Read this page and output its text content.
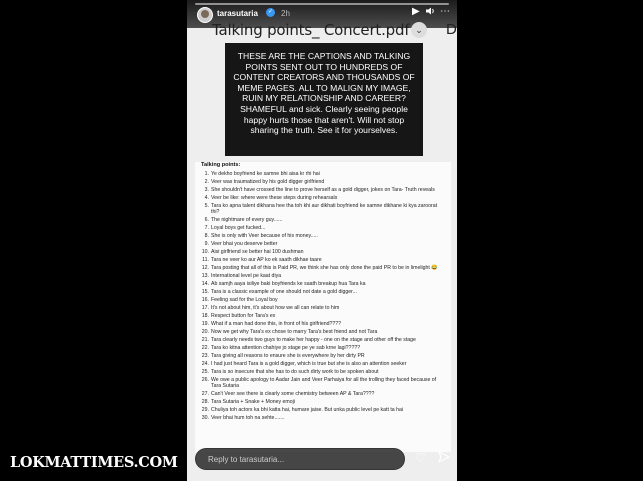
tarasutaria	✓ 2h	▶ ⋯
Talking points_ Concert.pdf ⌄ D

THESE ARE THE CAPTIONS AND TALKING POINTS SENT OUT TO HUNDREDS OF CONTENT CREATORS AND THOUSANDS OF MEME PAGES. ALL TO MALIGN MY IMAGE, RUIN MY RELATIONSHIP AND CAREER?

SHAMEFUL and sick. Clearly seeing people happy hurts those that aren't. Will not stop sharing the truth. See it for yourselves.

Talking points:
1. Ye dekho boyfriend ke samne bhi aisa kr rhi hai
2. Veer was traumatized by his gold digger girlfriend
3. She shouldn't have crossed the line to prove herself as a gold digger, jokes on Tara- Truth reveals
4. Veer be like: where were these steps during rehearsals
5. Tara ko apna talent dikhana hee tha toh khi aur dikhati boyfriend ke samne dikhane ki kya zaroorat thi?
6. The nightmare of every guy......
7. Loyal boys get fucked...
8. She is only with Veer because of his money.....
9. Veer bhai you deserve better
10. Aisi girlfriend se better hai 100 dushman
11. Tara ne veer ko aur AP ko ek saath dikhae taare
12. Tara posting that all of this is Paid PR, we think she has only done the paid PR to be in limelight 😂
13. International level pe kaat diya
14. Ab samjh aaya isiliye baki boyfriends ke saath breakup hua Tara ka
15. Tara is a classic example of one should not date a gold digger...
16. Feeling sad for the Loyal boy
17. It's not about him, it's about how we all can relate to him
18. Respect button for Tara's ex
19. What if a man had done this, in front of his girlfriend????
20. Now we get why Tara's ex chose to marry Tara's best friend and not Tara
21. Tara clearly needs two guys to make her happy - one on the stage and other off the stage
22. Tara ko kitna attention chahiye jo stage pe ye sab krne lagi?????
23. Tara giving all reasons to ensure she is everywhere by her dirty PR
24. I had just heard Tara is a gold digger, which is true but she is also an attention seeker
25. Tara is so insecure that she has to do such dirty work to be spoken about
26. We owe a public apology to Aadar Jain and Veer Parhaiya for all the trolling they faced because of Tara Sutaria
27. Can't Veer see there is clearly some chemistry between AP & Tara????
28. Tara Sutaria + Snake + Money emoji
29. Chuliya toh actors ka bhi katta hai, humare jaise. But unka public level pe katt ta hai
30. Veer bhai hum toh na sehte.......
Reply to tarasutaria...	♡
LOKMATTIMES.COM
